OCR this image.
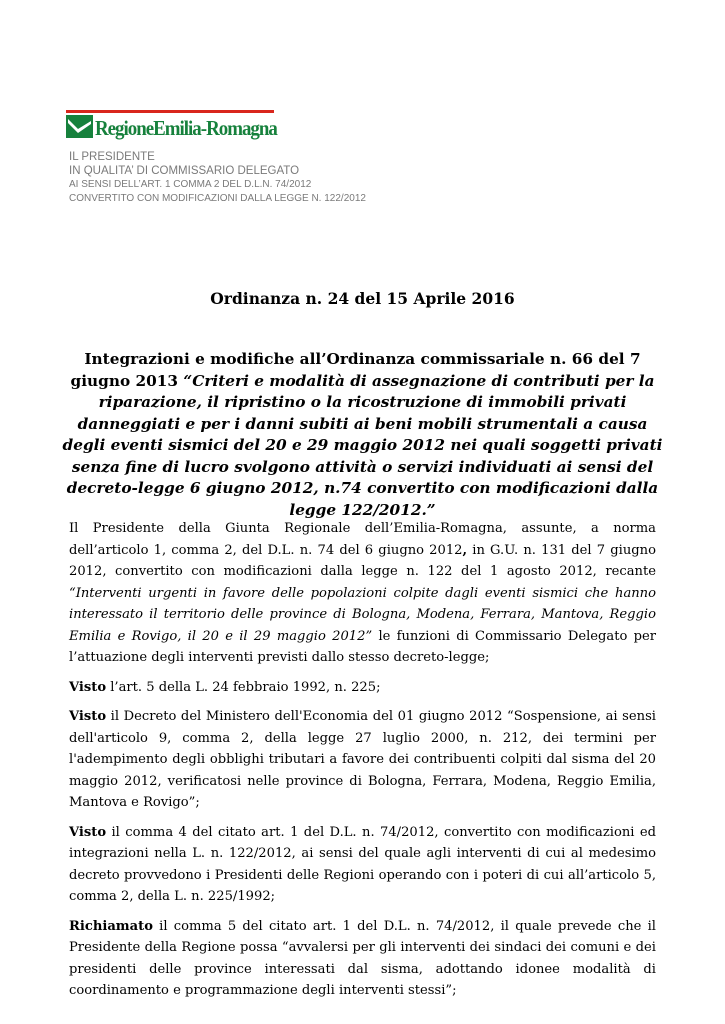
RegioneEmilia-Romagna
IL PRESIDENTE
IN QUALITA’ DI COMMISSARIO DELEGATO
AI SENSI DELL’ART. 1 COMMA 2 DEL D.L.N. 74/2012
CONVERTITO CON MODIFICAZIONI DALLA LEGGE N. 122/2012
Ordinanza n. 24 del 15 Aprile 2016
Integrazioni e modifiche all’Ordinanza commissariale n. 66 del 7 giugno 2013 “Criteri e modalità di assegnazione di contributi per la riparazione, il ripristino o la ricostruzione di immobili privati danneggiati e per i danni subiti ai beni mobili strumentali a causa degli eventi sismici del 20 e 29 maggio 2012 nei quali soggetti privati senza fine di lucro svolgono attività o servizi individuati ai sensi del decreto-legge 6 giugno 2012, n.74 convertito con modificazioni dalla legge 122/2012.”

Il Presidente della Giunta Regionale dell’Emilia-Romagna, assunte, a norma dell’articolo 1, comma 2, del D.L. n. 74 del 6 giugno 2012, in G.U. n. 131 del 7 giugno 2012, convertito con modificazioni dalla legge n. 122 del 1 agosto 2012, recante “Interventi urgenti in favore delle popolazioni colpite dagli eventi sismici che hanno interessato il territorio delle province di Bologna, Modena, Ferrara, Mantova, Reggio Emilia e Rovigo, il 20 e il 29 maggio 2012” le funzioni di Commissario Delegato per l’attuazione degli interventi previsti dallo stesso decreto-legge;

Visto l’art. 5 della L. 24 febbraio 1992, n. 225;

Visto il Decreto del Ministero dell'Economia del 01 giugno 2012 “Sospensione, ai sensi dell'articolo 9, comma 2, della legge 27 luglio 2000, n. 212, dei termini per l'adempimento degli obblighi tributari a favore dei contribuenti colpiti dal sisma del 20 maggio 2012, verificatosi nelle province di Bologna, Ferrara, Modena, Reggio Emilia, Mantova e Rovigo”;

Visto il comma 4 del citato art. 1 del D.L. n. 74/2012, convertito con modificazioni ed integrazioni nella L. n. 122/2012, ai sensi del quale agli interventi di cui al medesimo decreto provvedono i Presidenti delle Regioni operando con i poteri di cui all’articolo 5, comma 2, della L. n. 225/1992;

Richiamato il comma 5 del citato art. 1 del D.L. n. 74/2012, il quale prevede che il Presidente della Regione possa “avvalersi per gli interventi dei sindaci dei comuni e dei presidenti delle province interessati dal sisma, adottando idonee modalità di coordinamento e programmazione degli interventi stessi”;
